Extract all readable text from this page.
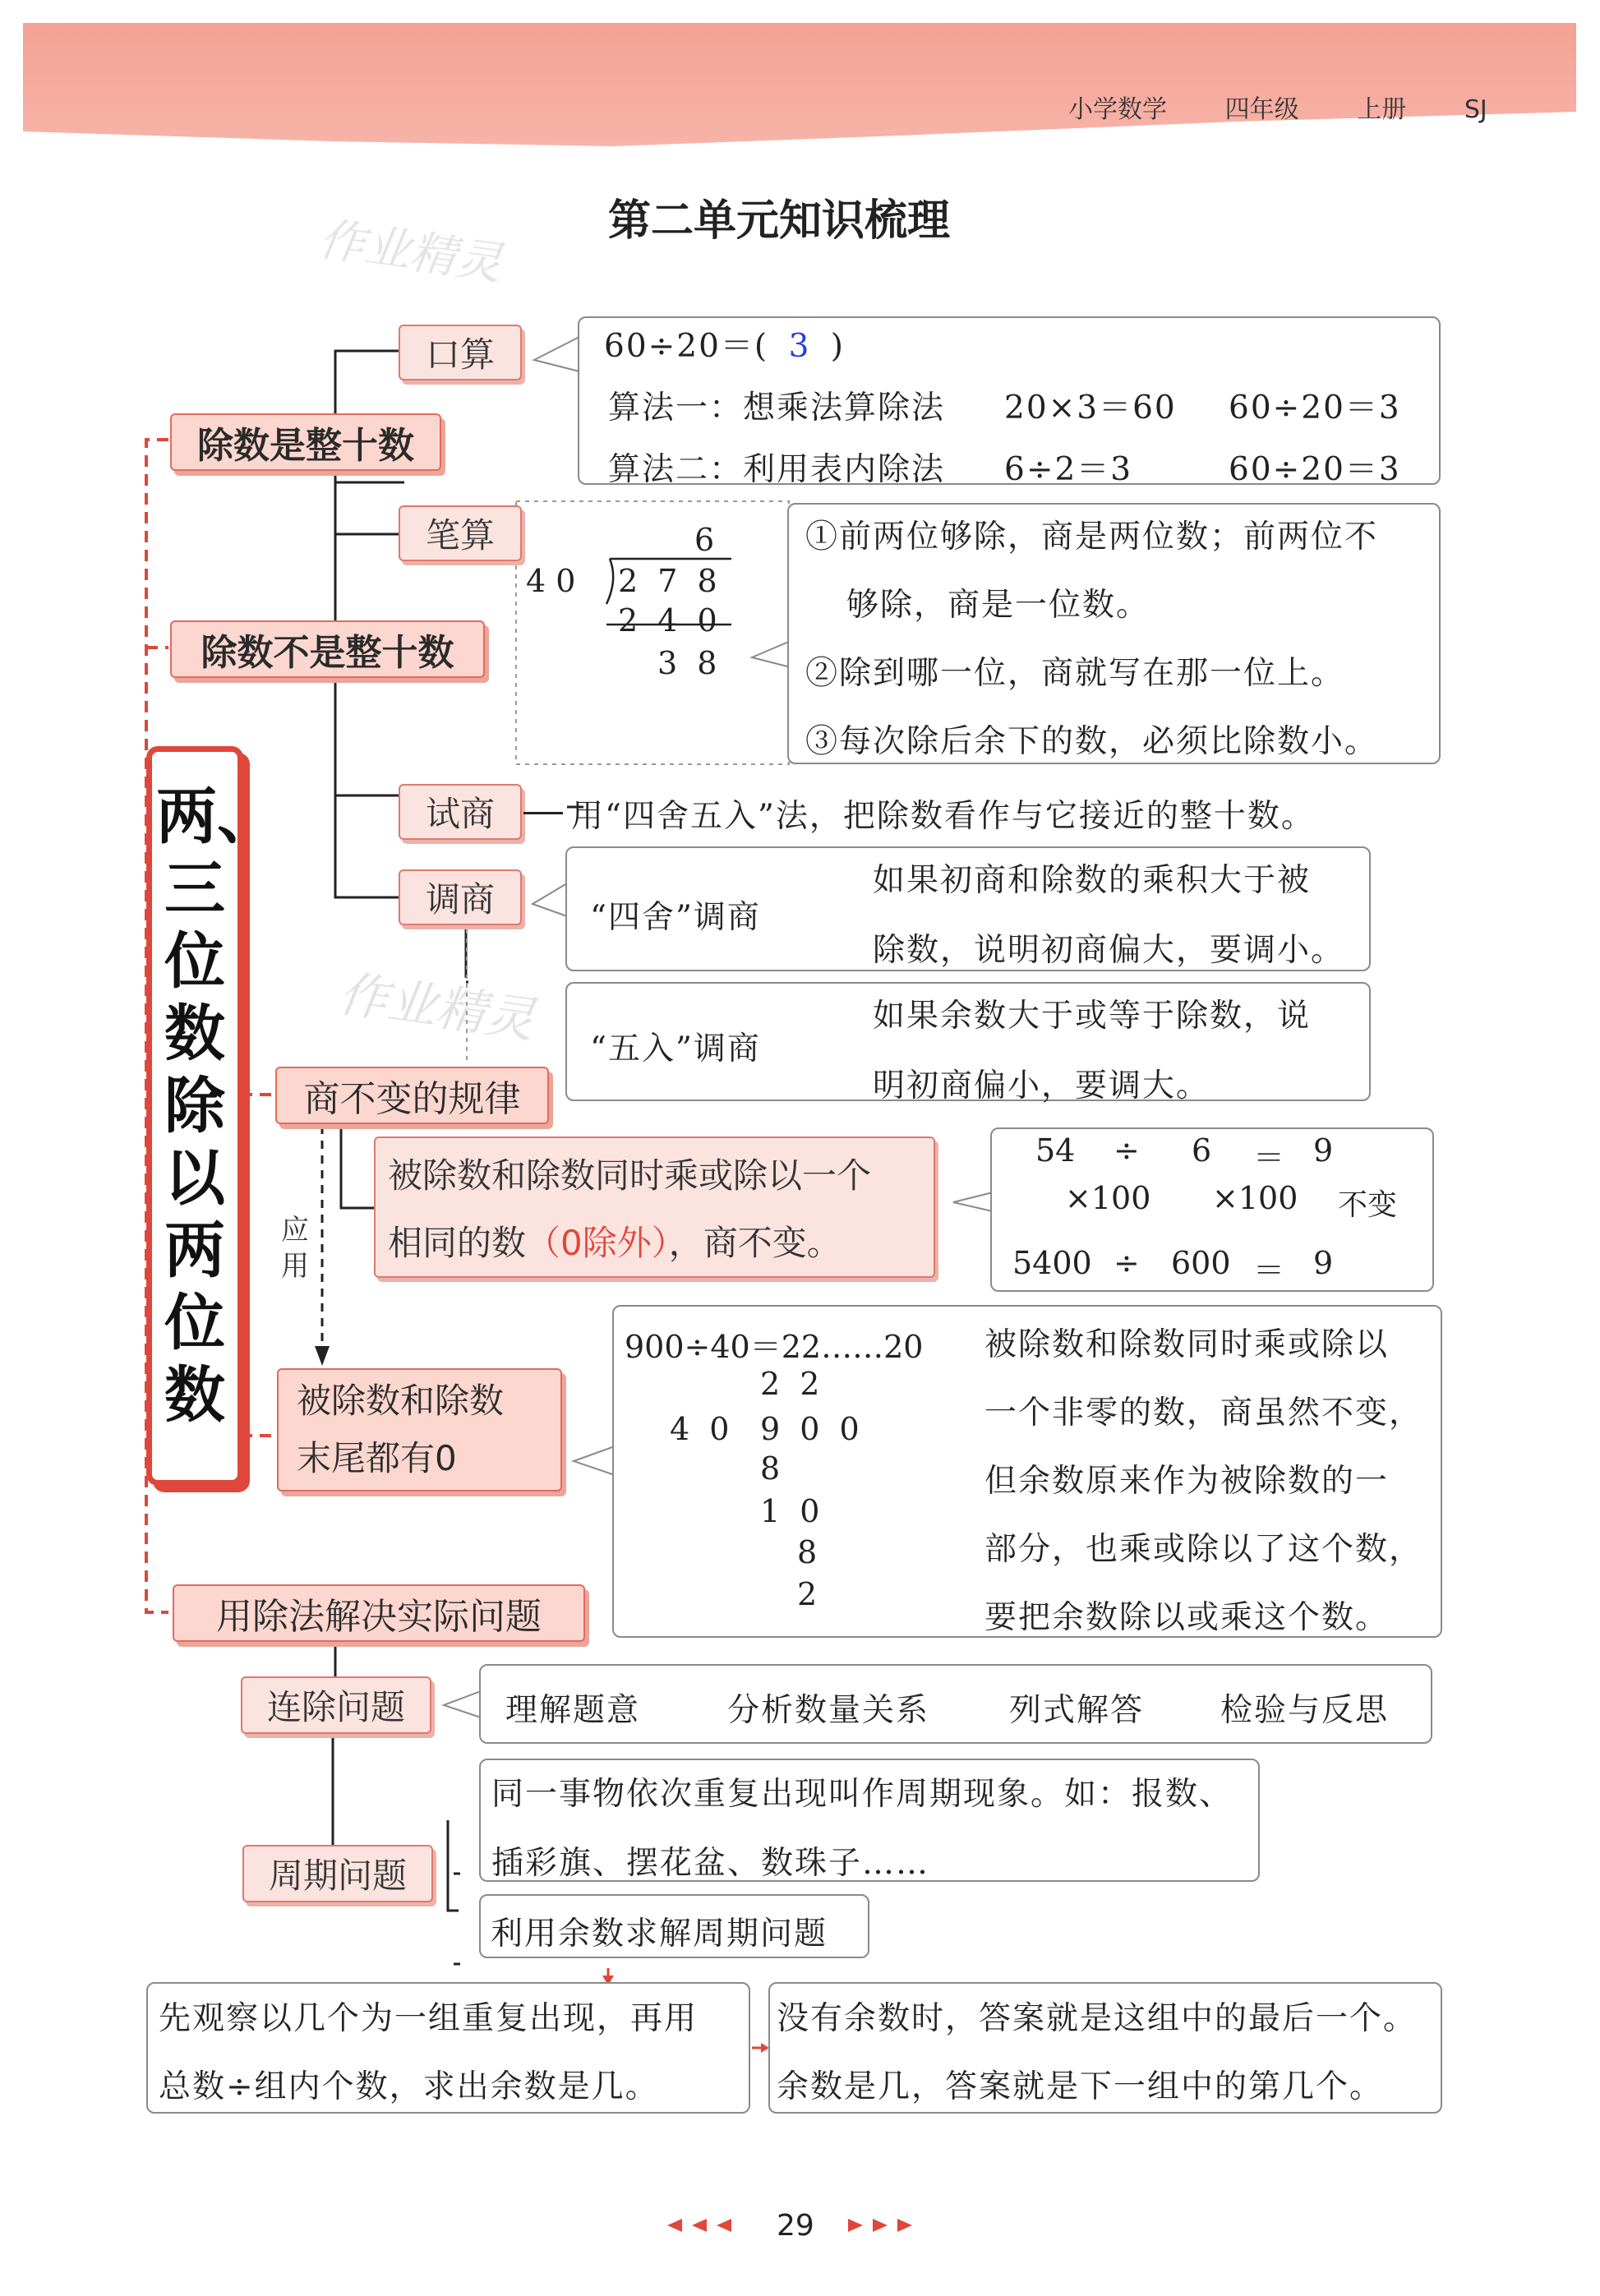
小学数学 四年级 上册 SJ
第二单元知识梳理
作业精灵
作业精灵
两、三位数除以两位数
除数是整十数
除数不是整十数
商不变的规律
被除数和除数
末尾都有0
用除法解决实际问题
口算
笔算
试商
调商
连除问题
周期问题
60÷20＝( 3 )
算法一：想乘法算除法 20×3＝60 60÷20＝3
算法二：利用表内除法 6÷2＝3	60÷20＝3
6
4 0 2 7 8
2 4 0
3 8
①前两位够除，商是两位数；前两位不
够除，商是一位数。
②除到哪一位，商就写在那一位上。
③每次除后余下的数，必须比除数小。
用“四舍五入”法，把除数看作与它接近的整十数。
“四舍”调商
如果初商和除数的乘积大于被
除数，说明初商偏大，要调小。
“五入”调商
如果余数大于或等于除数，说
明初商偏小，要调大。
被除数和除数同时乘或除以一个
相同的数（0除外），商不变。
54 ÷ 6 ＝ 9
×100 ×100 不变
5400 ÷ 600 ＝ 9
应用
900÷40＝22……20
2 2
4 0 9 0 0
8
1 0
8
2
被除数和除数同时乘或除以
一个非零的数，商虽然不变，
但余数原来作为被除数的一
部分，也乘或除以了这个数，
要把余数除以或乘这个数。
理解题意	分析数量关系 列式解答 检验与反思
同一事物依次重复出现叫作周期现象。如：报数、
插彩旗、摆花盆、数珠子……
利用余数求解周期问题
先观察以几个为一组重复出现，再用
总数÷组内个数，求出余数是几。
没有余数时，答案就是这组中的最后一个。
余数是几，答案就是下一组中的第几个。
29
